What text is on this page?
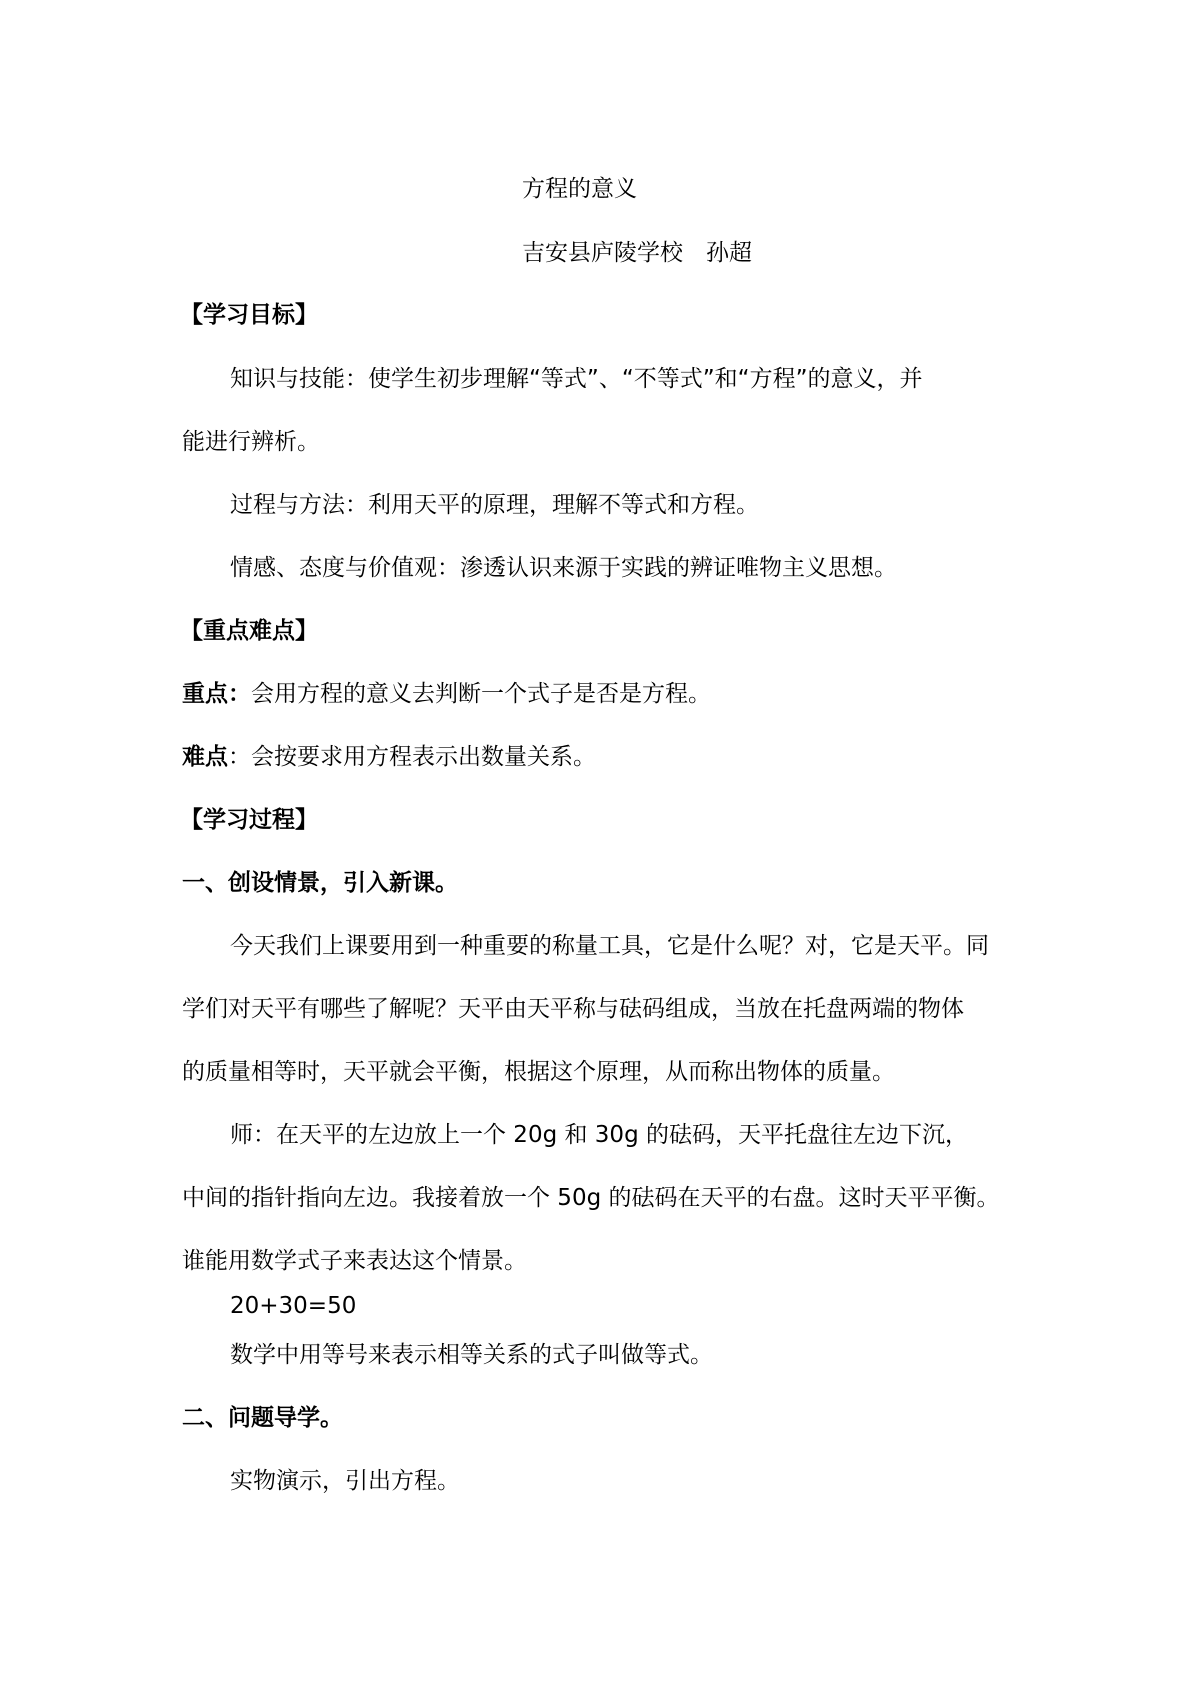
方程的意义
吉安县庐陵学校　孙超
【学习目标】
知识与技能：使学生初步理解“等式”、“不等式”和“方程”的意义，并
能进行辨析。
过程与方法：利用天平的原理，理解不等式和方程。
情感、态度与价值观：渗透认识来源于实践的辨证唯物主义思想。
【重点难点】
重点：会用方程的意义去判断一个式子是否是方程。
难点：会按要求用方程表示出数量关系。
【学习过程】
一、创设情景，引入新课。
今天我们上课要用到一种重要的称量工具，它是什么呢？对，它是天平。同
学们对天平有哪些了解呢？天平由天平称与砝码组成，当放在托盘两端的物体
的质量相等时，天平就会平衡，根据这个原理，从而称出物体的质量。
师：在天平的左边放上一个 20g 和 30g 的砝码，天平托盘往左边下沉，
中间的指针指向左边。我接着放一个 50g 的砝码在天平的右盘。这时天平平衡。
谁能用数学式子来表达这个情景。
20+30=50
数学中用等号来表示相等关系的式子叫做等式。
二、问题导学。
实物演示，引出方程。
